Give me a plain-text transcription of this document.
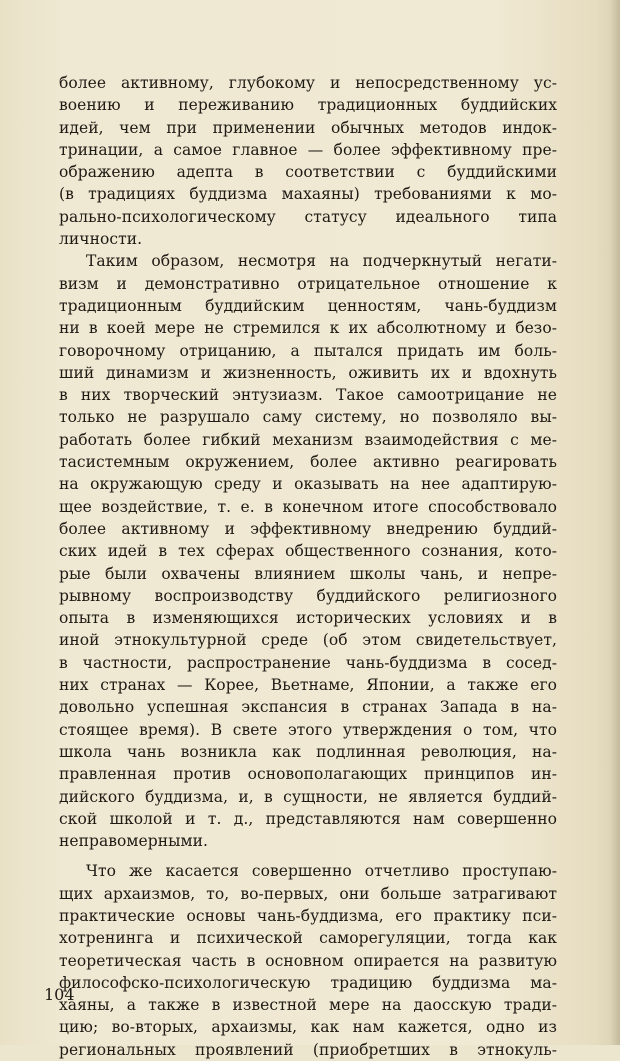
более активному, глубокому и непосредственному ус-
воению и переживанию традиционных буддийских
идей, чем при применении обычных методов индок-
тринации, а самое главное — более эффективному пре-
ображению адепта в соответствии с буддийскими
(в традициях буддизма махаяны) требованиями к мо-
рально-психологическому статусу идеального типа
личности.
Таким образом, несмотря на подчеркнутый негати-
визм и демонстративно отрицательное отношение к
традиционным буддийским ценностям, чань-буддизм
ни в коей мере не стремился к их абсолютному и безо-
говорочному отрицанию, а пытался придать им боль-
ший динамизм и жизненность, оживить их и вдохнуть
в них творческий энтузиазм. Такое самоотрицание не
только не разрушало саму систему, но позволяло вы-
работать более гибкий механизм взаимодействия с ме-
тасистемным окружением, более активно реагировать
на окружающую среду и оказывать на нее адаптирую-
щее воздействие, т. е. в конечном итоге способствовало
более активному и эффективному внедрению буддий-
ских идей в тех сферах общественного сознания, кото-
рые были охвачены влиянием школы чань, и непре-
рывному воспроизводству буддийского религиозного
опыта в изменяющихся исторических условиях и в
иной этнокультурной среде (об этом свидетельствует,
в частности, распространение чань-буддизма в сосед-
них странах — Корее, Вьетнаме, Японии, а также его
довольно успешная экспансия в странах Запада в на-
стоящее время). В свете этого утверждения о том, что
школа чань возникла как подлинная революция, на-
правленная против основополагающих принципов ин-
дийского буддизма, и, в сущности, не является буддий-
ской школой и т. д., представляются нам совершенно
неправомерными.
Что же касается совершенно отчетливо проступаю-
щих архаизмов, то, во-первых, они больше затрагивают
практические основы чань-буддизма, его практику пси-
хотренинга и психической саморегуляции, тогда как
теоретическая часть в основном опирается на развитую
философско-психологическую традицию буддизма ма-
хаяны, а также в известной мере на даосскую тради-
цию; во-вторых, архаизмы, как нам кажется, одно из
региональных проявлений (приобретших в этнокуль-
104
